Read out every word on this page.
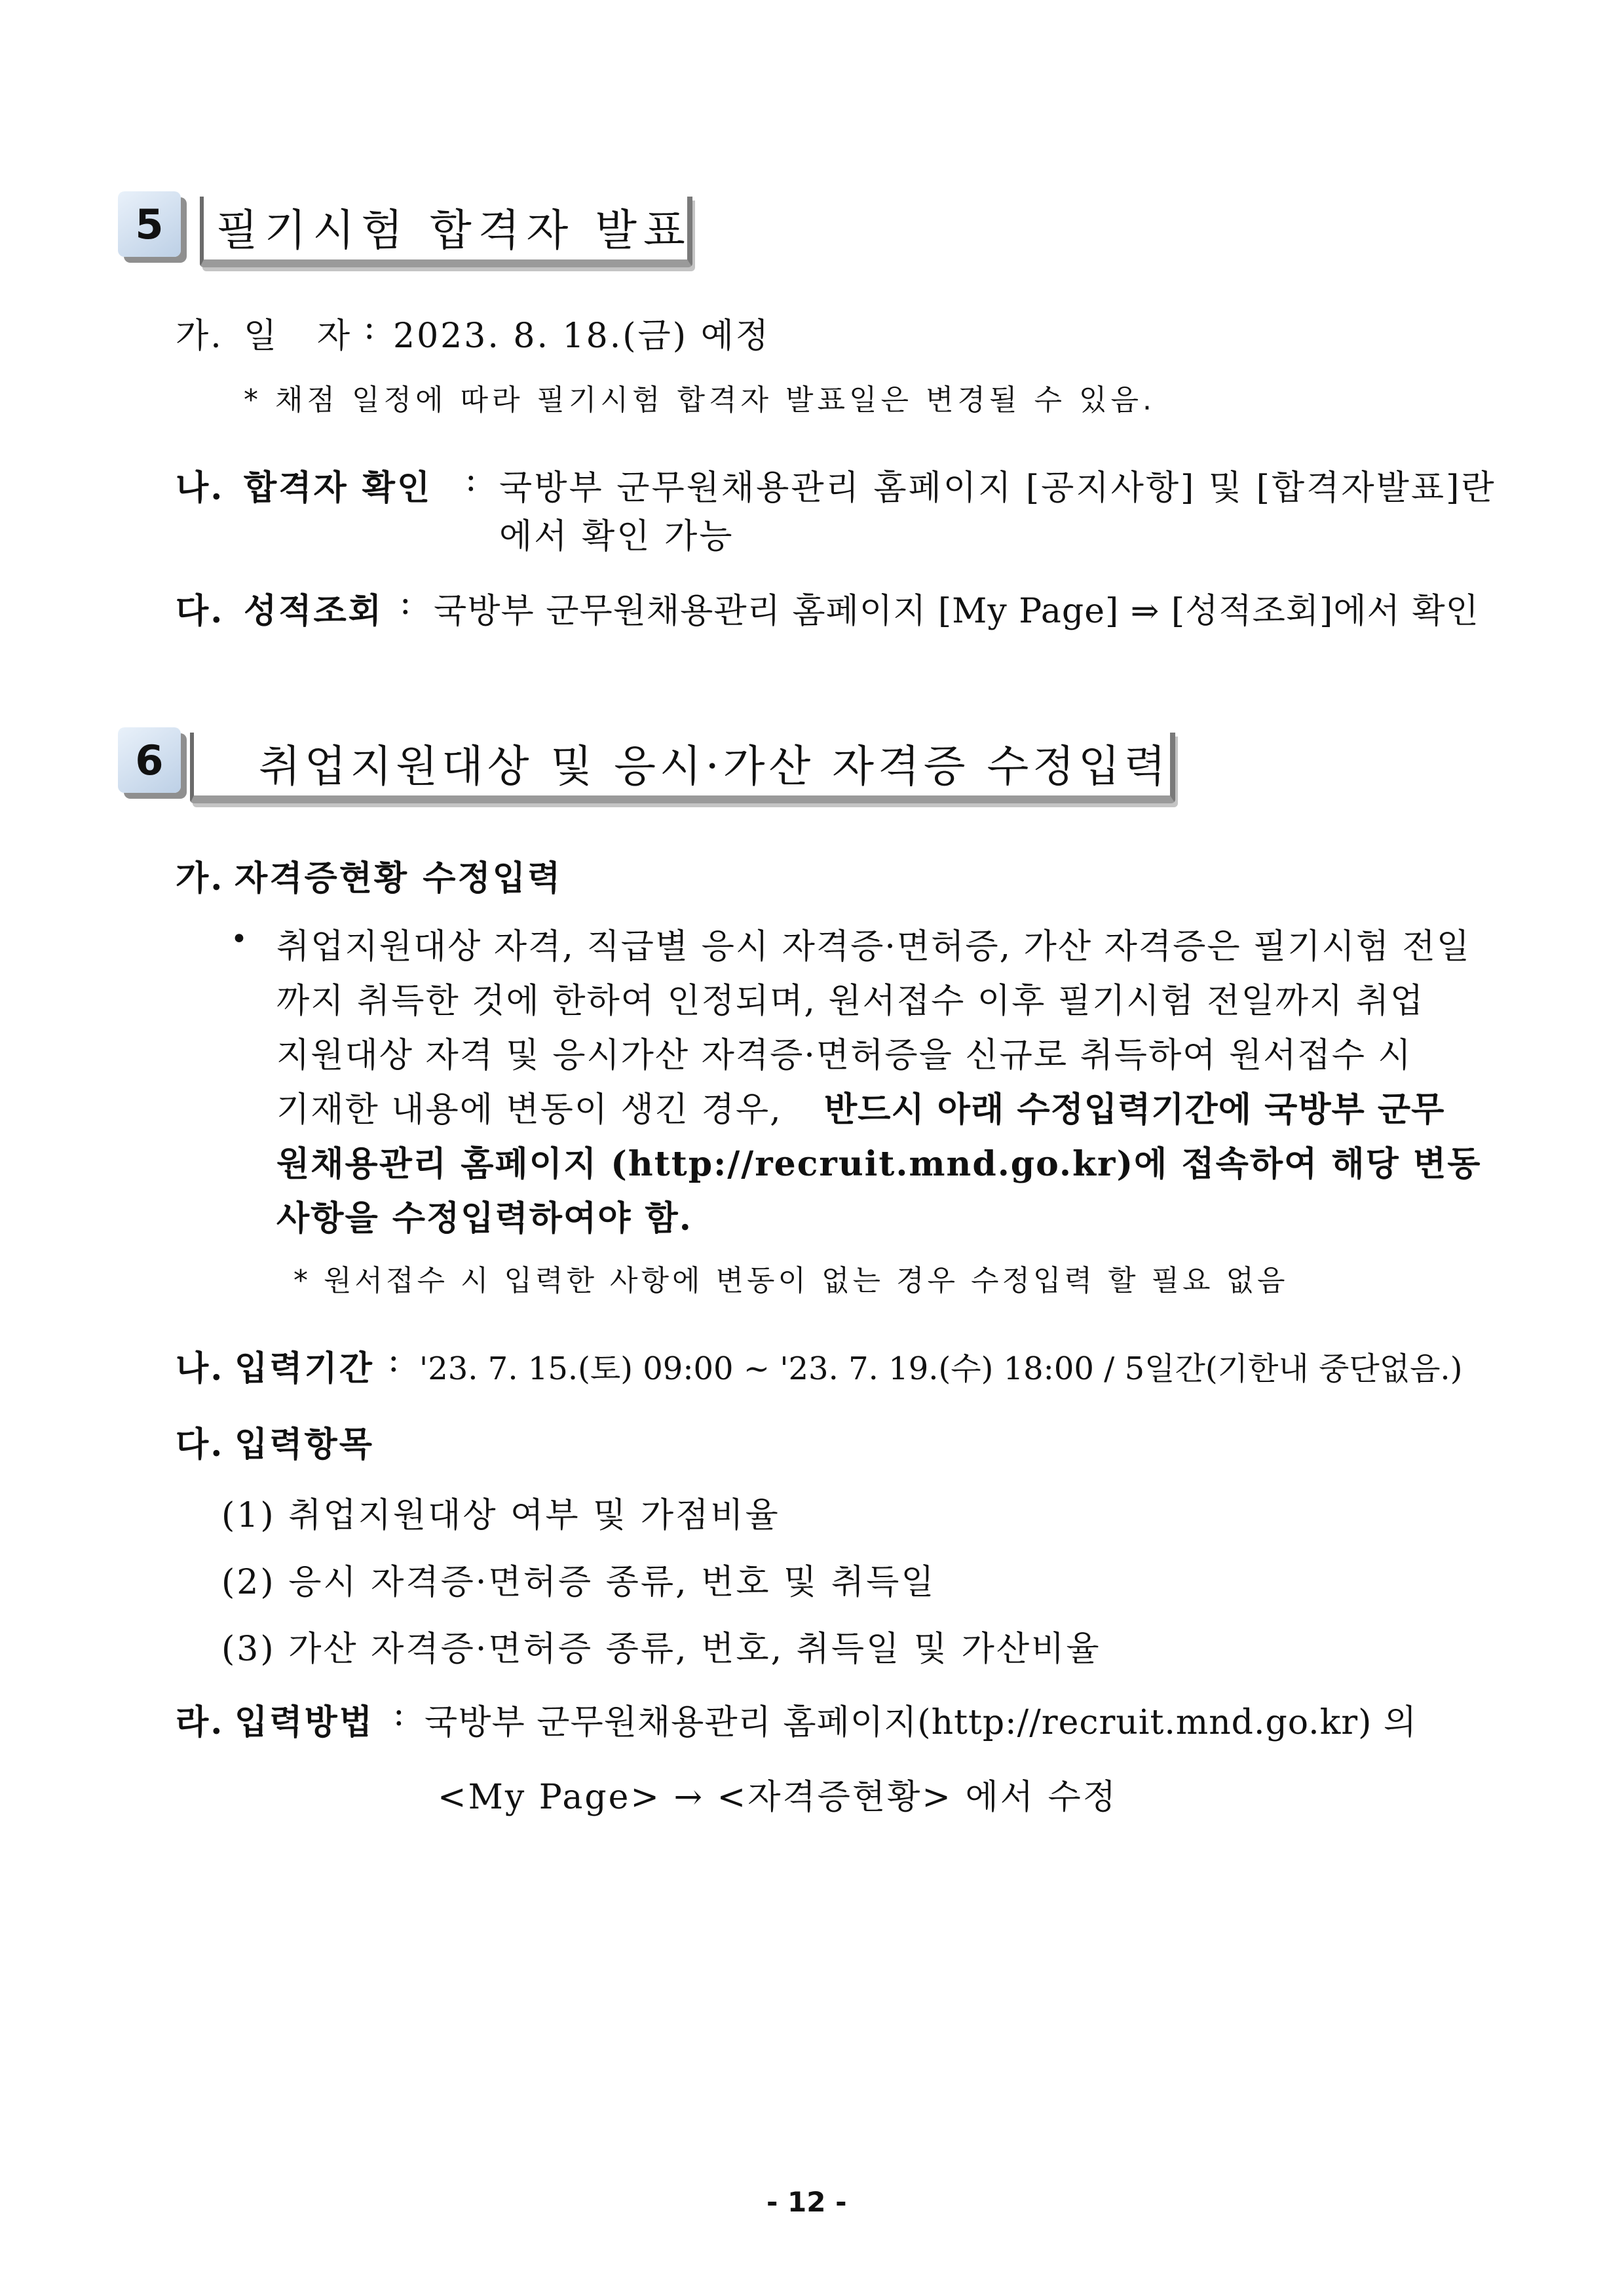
5	필기시험 합격자 발표
가. 일   자 : 2023. 8. 18.(금) 예정
* 채점 일정에 따라 필기시험 합격자 발표일은 변경될 수 있음.
나. 합격자 확인 : 국방부 군무원채용관리 홈페이지 [공지사항] 및 [합격자발표]란
에서 확인 가능
다. 성적조회 : 국방부 군무원채용관리 홈페이지 [My Page] ⇒ [성적조회]에서 확인
6	취업지원대상 및 응시·가산 자격증 수정입력
가. 자격증현황 수정입력
• 취업지원대상 자격, 직급별 응시 자격증·면허증, 가산 자격증은 필기시험 전일
까지 취득한 것에 한하여 인정되며, 원서접수 이후 필기시험 전일까지 취업
지원대상 자격 및 응시가산 자격증·면허증을 신규로 취득하여 원서접수 시
기재한 내용에 변동이 생긴 경우, 반드시 아래 수정입력기간에 국방부 군무
원채용관리 홈페이지 (http://recruit.mnd.go.kr)에 접속하여 해당 변동
사항을 수정입력하여야 함.
* 원서접수 시 입력한 사항에 변동이 없는 경우 수정입력 할 필요 없음
나. 입력기간 : '23. 7. 15.(토) 09:00 ~ '23. 7. 19.(수) 18:00 / 5일간(기한내 중단없음.)
다. 입력항목
(1) 취업지원대상 여부 및 가점비율
(2) 응시 자격증·면허증 종류, 번호 및 취득일
(3) 가산 자격증·면허증 종류, 번호, 취득일 및 가산비율
라. 입력방법 : 국방부 군무원채용관리 홈페이지(http://recruit.mnd.go.kr) 의
<My Page> → <자격증현황> 에서 수정
- 12 -
